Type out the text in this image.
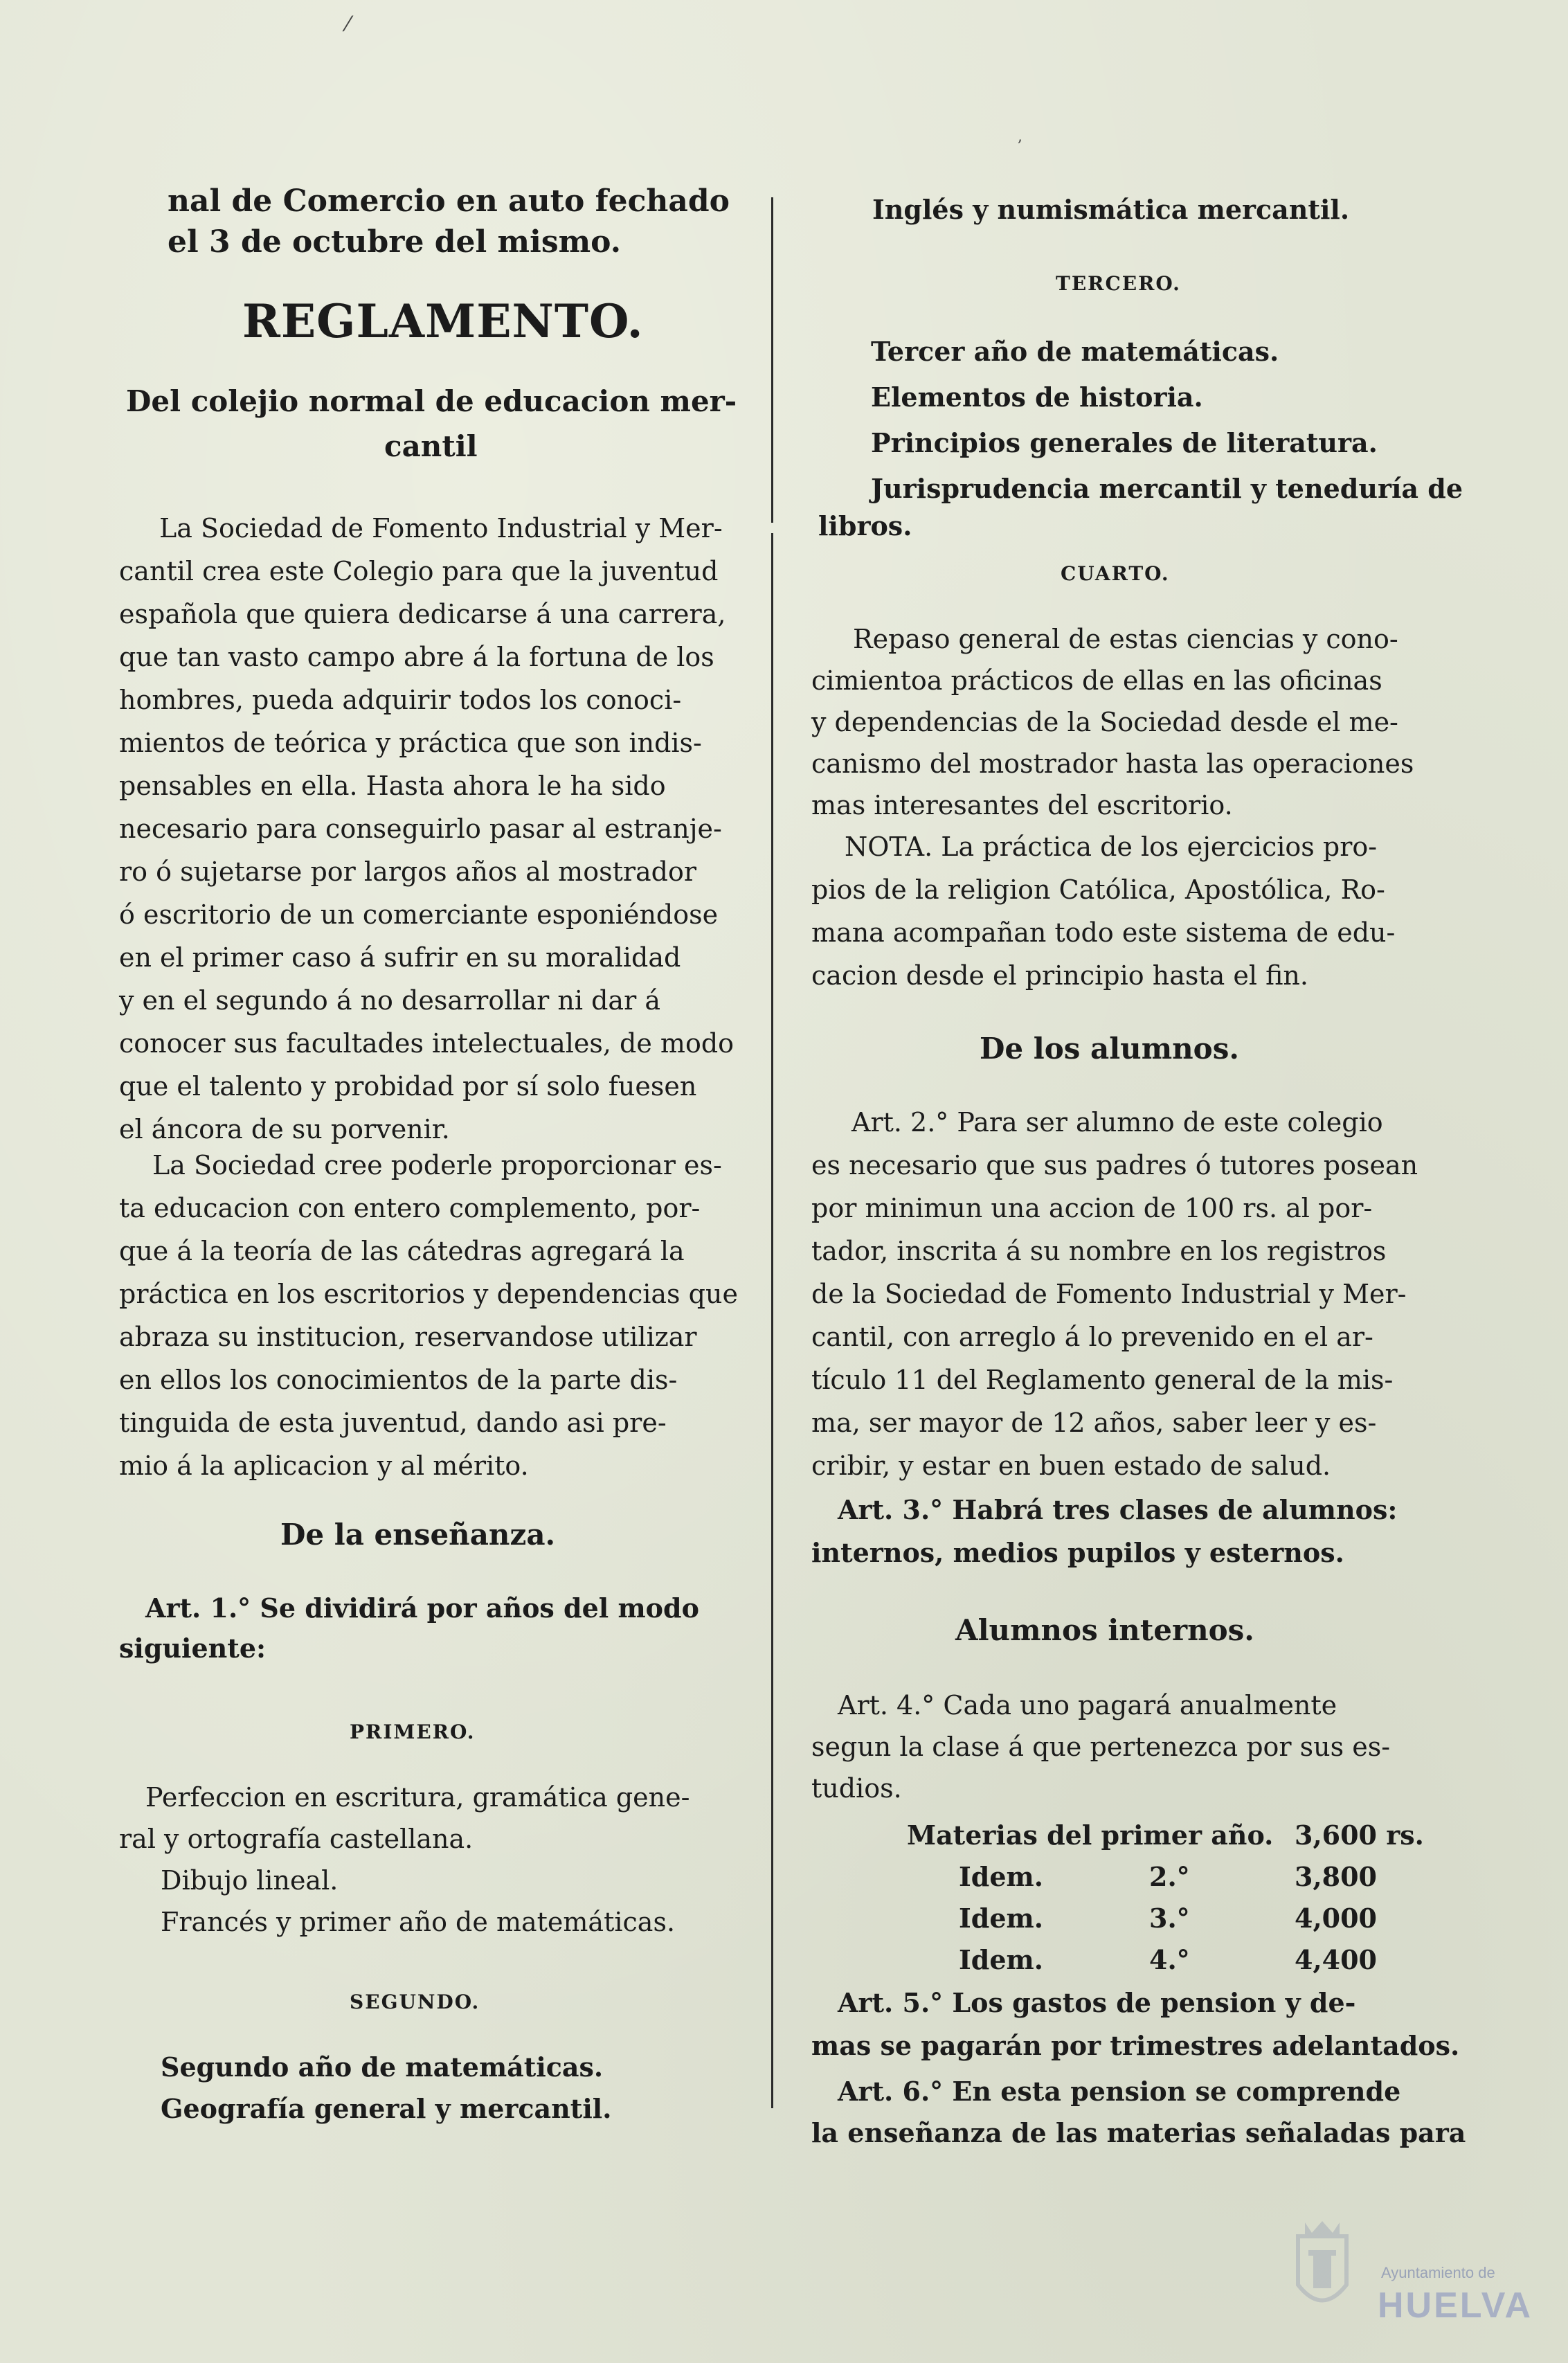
⁄
,
nal de Comercio en auto fechado
el 3 de octubre del mismo.
REGLAMENTO.
Del colejio normal de educacion mer-
cantil
La Sociedad de Fomento Industrial y Mer-
cantil crea este Colegio para que la juventud
española que quiera dedicarse á una carrera,
que tan vasto campo abre á la fortuna de los
hombres, pueda adquirir todos los conoci-
mientos de teórica y práctica que son indis-
pensables en ella. Hasta ahora le ha sido
necesario para conseguirlo pasar al estranje-
ro ó sujetarse por largos años al mostrador
ó escritorio de un comerciante esponiéndose
en el primer caso á sufrir en su moralidad
y en el segundo á no desarrollar ni dar á
conocer sus facultades intelectuales, de modo
que el talento y probidad por sí solo fuesen
el áncora de su porvenir.
La Sociedad cree poderle proporcionar es-
ta educacion con entero complemento, por-
que á la teoría de las cátedras agregará la
práctica en los escritorios y dependencias que
abraza su institucion, reservandose utilizar
en ellos los conocimientos de la parte dis-
tinguida de esta juventud, dando asi pre-
mio á la aplicacion y al mérito.
De la enseñanza.
Art. 1.° Se dividirá por años del modo
siguiente:
PRIMERO.
Perfeccion en escritura, gramática gene-
ral y ortografía castellana.
Dibujo lineal.
Francés y primer año de matemáticas.
SEGUNDO.
Segundo año de matemáticas.
Geografía general y mercantil.
Inglés y numismática mercantil.
TERCERO.
Tercer año de matemáticas.
Elementos de historia.
Principios generales de literatura.
Jurisprudencia mercantil y teneduría de
libros.
CUARTO.
Repaso general de estas ciencias y cono-
cimientoa prácticos de ellas en las oficinas
y dependencias de la Sociedad desde el me-
canismo del mostrador hasta las operaciones
mas interesantes del escritorio.
NOTA. La práctica de los ejercicios pro-
pios de la religion Católica, Apostólica, Ro-
mana acompañan todo este sistema de edu-
cacion desde el principio hasta el fin.
De los alumnos.
Art. 2.° Para ser alumno de este colegio
es necesario que sus padres ó tutores posean
por minimun una accion de 100 rs. al por-
tador, inscrita á su nombre en los registros
de la Sociedad de Fomento Industrial y Mer-
cantil, con arreglo á lo prevenido en el ar-
tículo 11 del Reglamento general de la mis-
ma, ser mayor de 12 años, saber leer y es-
cribir, y estar en buen estado de salud.
Art. 3.° Habrá tres clases de alumnos:
internos, medios pupilos y esternos.
Alumnos internos.
Art. 4.° Cada uno pagará anualmente
segun la clase á que pertenezca por sus es-
tudios.
Materias del primer año. 3,600 rs.
Idem.	2.°	3,800
Idem.	3.°	4,000
Idem.	4.°	4,400
Art. 5.° Los gastos de pension y de-
mas se pagarán por trimestres adelantados.
Art. 6.° En esta pension se comprende
la enseñanza de las materias señaladas para
Ayuntamiento de
HUELVA
